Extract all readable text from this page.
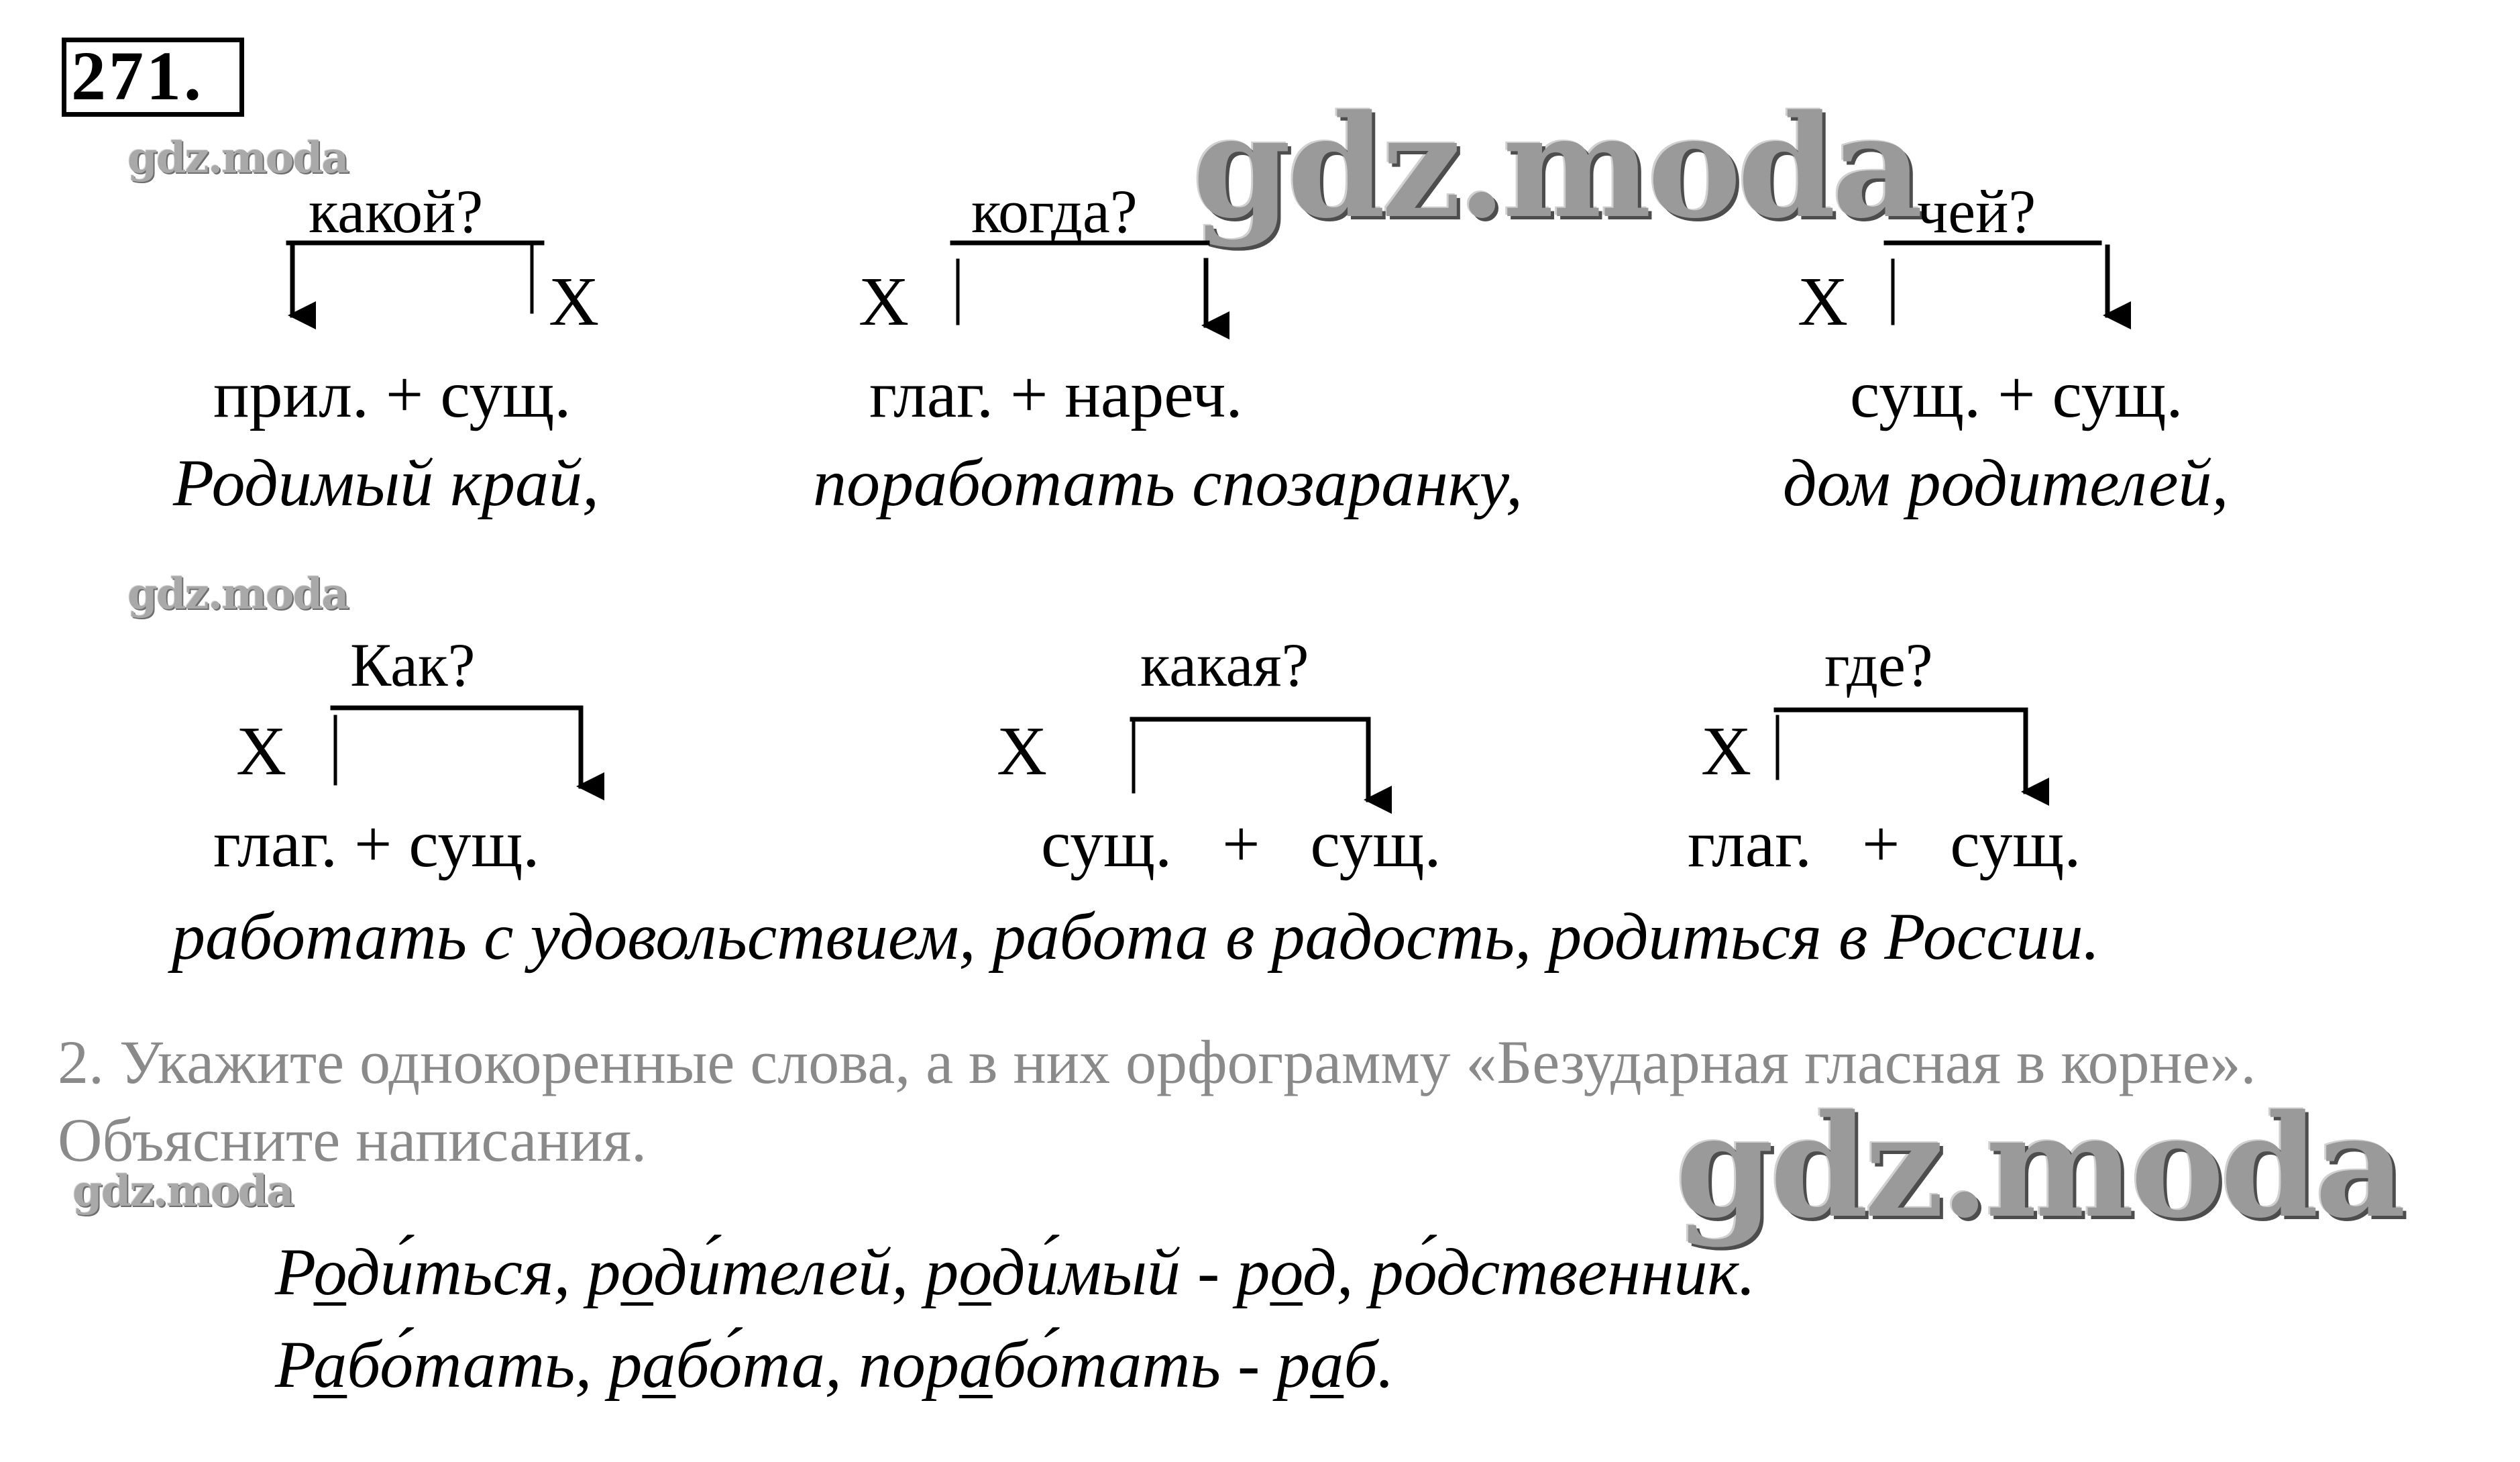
271.
gdz.moda
gdz.moda
gdz.moda
gdz.moda
gdz.moda
какой?	когда?	чей?
X	X	X
прил. + сущ.	глаг. + нареч.	сущ. + сущ.
Родимый край,	поработать спозаранку,	дом родителей,
Как?	какая?	где?
X	X	X
глаг. + сущ.	сущ.   +   сущ.	глаг.   +   сущ.
работать с удовольствием, работа в радость, родиться в России.
2. Укажите однокоренные слова, а в них орфограмму «Безударная гласная в корне».
Объясните написания.
Роди́ться, роди́телей, роди́мый - род, ро́дственник.
Рабо́тать, рабо́та, порабо́тать - раб.
